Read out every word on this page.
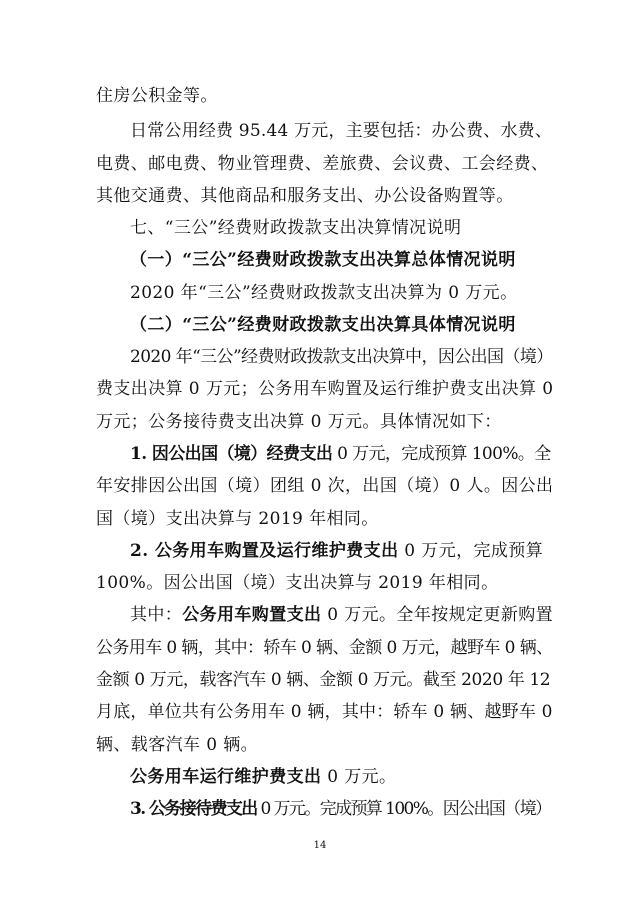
住房公积金等。
日常公用经费 95.44 万元，主要包括：办公费、水费、
电费、邮电费、物业管理费、差旅费、会议费、工会经费、
其他交通费、其他商品和服务支出、办公设备购置等。
七、“三公”经费财政拨款支出决算情况说明
（一）“三公”经费财政拨款支出决算总体情况说明
2020 年“三公”经费财政拨款支出决算为 0 万元。
（二）“三公”经费财政拨款支出决算具体情况说明
2020 年“三公”经费财政拨款支出决算中，因公出国（境）
费支出决算 0 万元；公务用车购置及运行维护费支出决算 0
万元；公务接待费支出决算 0 万元。具体情况如下：
1. 因公出国（境）经费支出 0 万元，完成预算 100%。全
年安排因公出国（境）团组 0 次，出国（境）0 人。因公出
国（境）支出决算与 2019 年相同。
2. 公务用车购置及运行维护费支出 0 万元，完成预算
100%。因公出国（境）支出决算与 2019 年相同。
其中：公务用车购置支出 0 万元。全年按规定更新购置
公务用车 0 辆，其中：轿车 0 辆、金额 0 万元，越野车 0 辆、
金额 0 万元，载客汽车 0 辆、金额 0 万元。截至 2020 年 12
月底，单位共有公务用车 0 辆，其中：轿车 0 辆、越野车 0
辆、载客汽车 0 辆。
公务用车运行维护费支出 0 万元。
3. 公务接待费支出 0 万元。完成预算 100%。因公出国（境）
14
